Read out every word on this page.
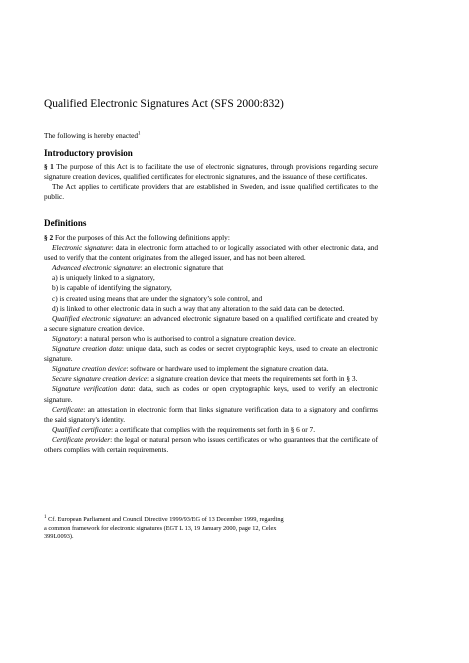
Qualified Electronic Signatures Act (SFS 2000:832)
The following is hereby enacted$^1$
Introductory provision

§ 1 The purpose of this Act is to facilitate the use of electronic signatures, through provisions regarding secure signature creation devices, qualified certificates for electronic signatures, and the issuance of these certificates.

The Act applies to certificate providers that are established in Sweden, and issue qualified certificates to the public.

Definitions

§ 2 For the purposes of this Act the following definitions apply:

Electronic signature: data in electronic form attached to or logically associated with other electronic data, and used to verify that the content originates from the alleged issuer, and has not been altered.

Advanced electronic signature: an electronic signature that

a) is uniquely linked to a signatory,

b) is capable of identifying the signatory,

c) is created using means that are under the signatory’s sole control, and

d) is linked to other electronic data in such a way that any alteration to the said data can be detected.

Qualified electronic signature: an advanced electronic signature based on a qualified certificate and created by a secure signature creation device.

Signatory: a natural person who is authorised to control a signature creation device.

Signature creation data: unique data, such as codes or secret cryptographic keys, used to create an electronic signature.

Signature creation device: software or hardware used to implement the signature creation data.

Secure signature creation device: a signature creation device that meets the requirements set forth in § 3.

Signature verification data: data, such as codes or open cryptographic keys, used to verify an electronic signature.

Certificate: an attestation in electronic form that links signature verification data to a signatory and confirms the said signatory's identity.

Qualified certificate: a certificate that complies with the requirements set forth in § 6 or 7.

Certificate provider: the legal or natural person who issues certificates or who guarantees that the certificate of others complies with certain requirements.

$^1$ Cf. European Parliament and Council Directive 1999/93/EG of 13 December 1999, regarding a common framework for electronic signatures (EGT L 13, 19 January 2000, page 12, Celex 399L0093).
